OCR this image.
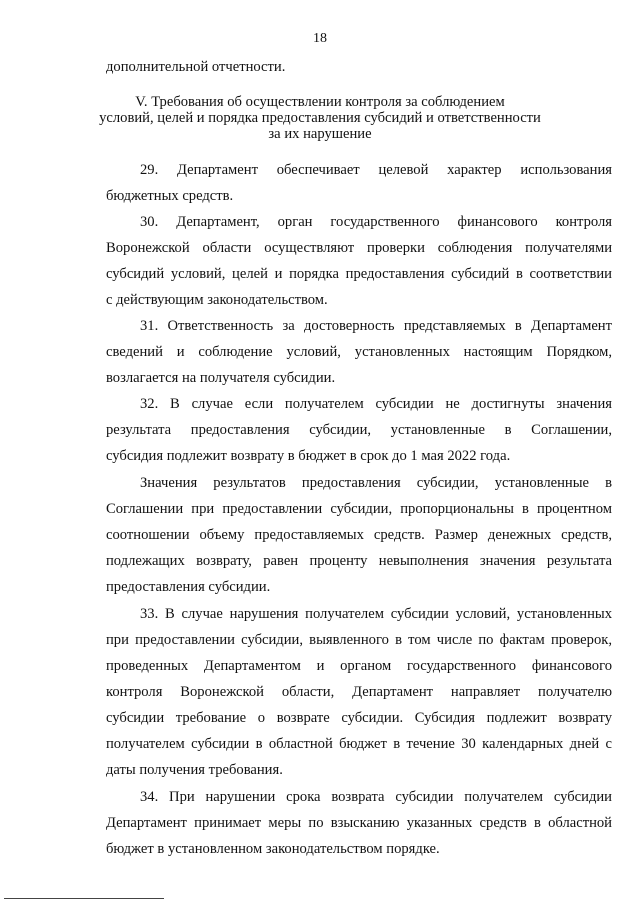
18
дополнительной отчетности.
V. Требования об осуществлении контроля за соблюдением
условий, целей и порядка предоставления субсидий и ответственности
за их нарушение
29. Департамент обеспечивает целевой характер использования
бюджетных средств.
30. Департамент, орган государственного финансового контроля
Воронежской области осуществляют проверки соблюдения получателями
субсидий условий, целей и порядка предоставления субсидий в соответствии
с действующим законодательством.
31. Ответственность за достоверность представляемых в Департамент
сведений и соблюдение условий, установленных настоящим Порядком,
возлагается на получателя субсидии.
32. В случае если получателем субсидии не достигнуты значения
результата предоставления субсидии, установленные в Соглашении,
субсидия подлежит возврату в бюджет в срок до 1 мая 2022 года.
Значения результатов предоставления субсидии, установленные в
Соглашении при предоставлении субсидии, пропорциональны в процентном
соотношении объему предоставляемых средств. Размер денежных средств,
подлежащих возврату, равен проценту невыполнения значения результата
предоставления субсидии.
33. В случае нарушения получателем субсидии условий, установленных
при предоставлении субсидии, выявленного в том числе по фактам проверок,
проведенных Департаментом и органом государственного финансового
контроля Воронежской области, Департамент направляет получателю
субсидии требование о возврате субсидии. Субсидия подлежит возврату
получателем субсидии в областной бюджет в течение 30 календарных дней с
даты получения требования.
34. При нарушении срока возврата субсидии получателем субсидии
Департамент принимает меры по взысканию указанных средств в областной
бюджет в установленном законодательством порядке.
